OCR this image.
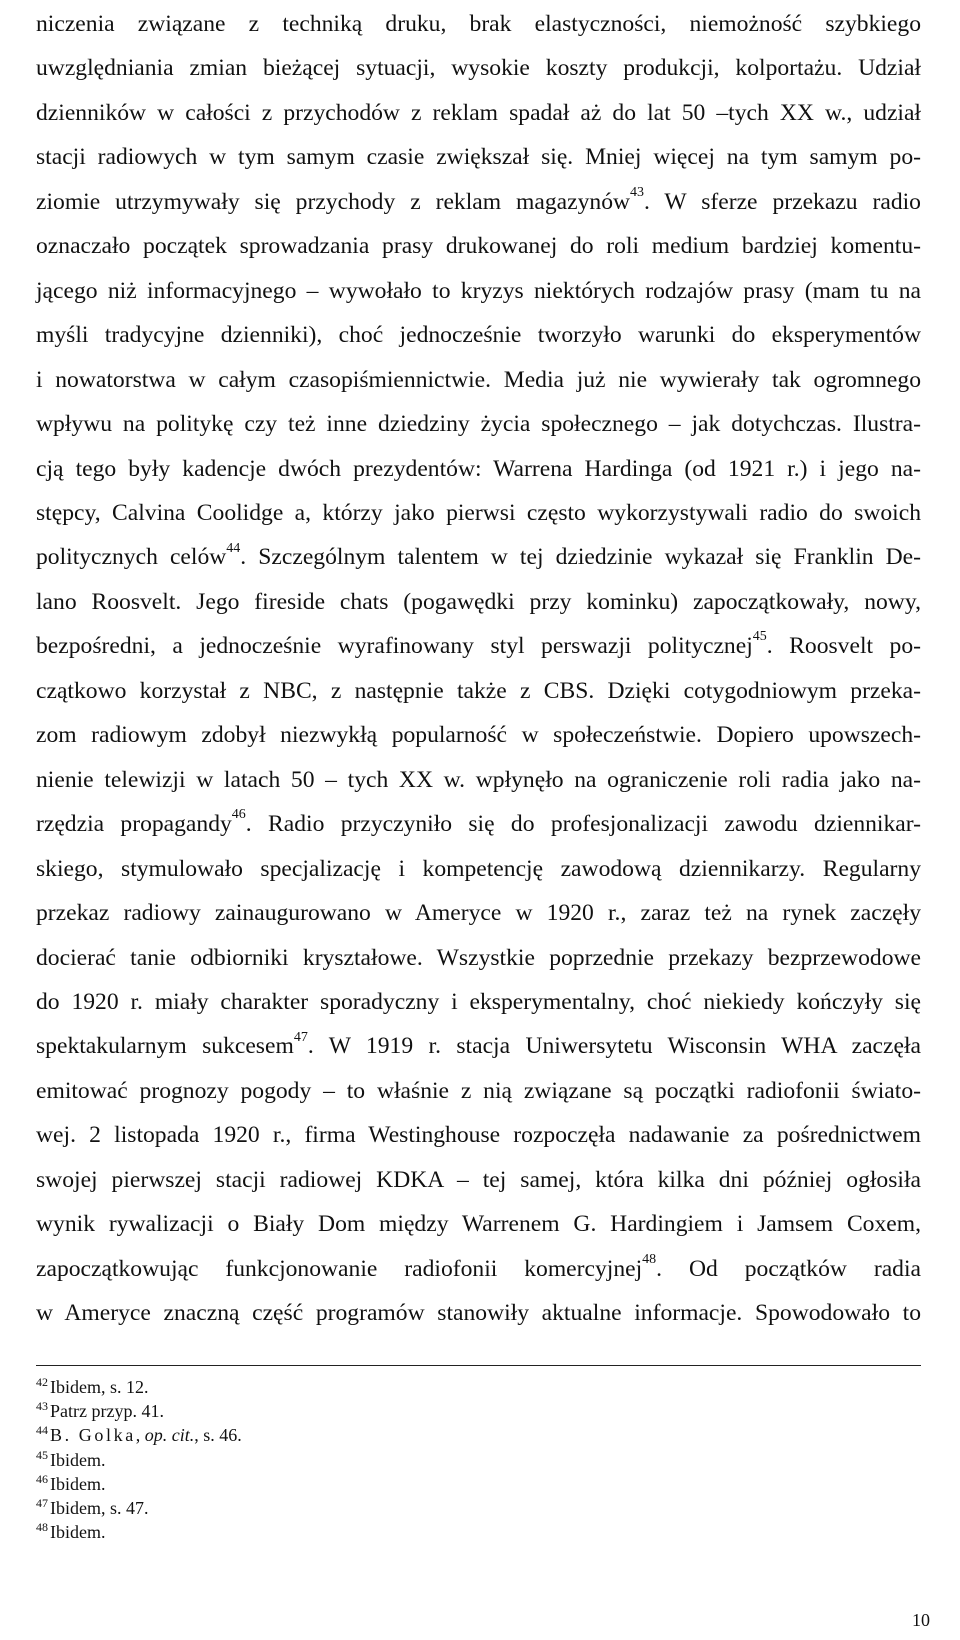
niczenia związane z techniką druku, brak elastyczności, niemożność szybkiego
uwzględniania zmian bieżącej sytuacji, wysokie koszty produkcji, kolportażu. Udział
dzienników w całości z przychodów z reklam spadał aż do lat 50 –tych XX w., udział
stacji radiowych w tym samym czasie zwiększał się. Mniej więcej na tym samym po-
ziomie utrzymywały się przychody z reklam magazynów$^{43}$. W sferze przekazu radio
oznaczało początek sprowadzania prasy drukowanej do roli medium bardziej komentu-
jącego niż informacyjnego – wywołało to kryzys niektórych rodzajów prasy (mam tu na
myśli tradycyjne dzienniki), choć jednocześnie tworzyło warunki do eksperymentów
i nowatorstwa w całym czasopiśmiennictwie. Media już nie wywierały tak ogromnego
wpływu na politykę czy też inne dziedziny życia społecznego – jak dotychczas. Ilustra-
cją tego były kadencje dwóch prezydentów: Warrena Hardinga (od 1921 r.) i jego na-
stępcy, Calvina Coolidge a, którzy jako pierwsi często wykorzystywali radio do swoich
politycznych celów$^{44}$. Szczególnym talentem w tej dziedzinie wykazał się Franklin De-
lano Roosvelt. Jego fireside chats (pogawędki przy kominku) zapoczątkowały, nowy,
bezpośredni, a jednocześnie wyrafinowany styl perswazji politycznej$^{45}$. Roosvelt po-
czątkowo korzystał z NBC, z następnie także z CBS. Dzięki cotygodniowym przeka-
zom radiowym zdobył niezwykłą popularność w społeczeństwie. Dopiero upowszech-
nienie telewizji w latach 50 – tych XX w. wpłynęło na ograniczenie roli radia jako na-
rzędzia propagandy$^{46}$. Radio przyczyniło się do profesjonalizacji zawodu dziennikar-
skiego, stymulowało specjalizację i kompetencję zawodową dziennikarzy. Regularny
przekaz radiowy zainaugurowano w Ameryce w 1920 r., zaraz też na rynek zaczęły
docierać tanie odbiorniki kryształowe. Wszystkie poprzednie przekazy bezprzewodowe
do 1920 r. miały charakter sporadyczny i eksperymentalny, choć niekiedy kończyły się
spektakularnym sukcesem$^{47}$. W 1919 r. stacja Uniwersytetu Wisconsin WHA zaczęła
emitować prognozy pogody – to właśnie z nią związane są początki radiofonii świato-
wej. 2 listopada 1920 r., firma Westinghouse rozpoczęła nadawanie za pośrednictwem
swojej pierwszej stacji radiowej KDKA – tej samej, która kilka dni później ogłosiła
wynik rywalizacji o Biały Dom między Warrenem G. Hardingiem i Jamsem Coxem,
zapoczątkowując funkcjonowanie radiofonii komercyjnej$^{48}$. Od początków radia
w Ameryce znaczną część programów stanowiły aktualne informacje. Spowodowało to
$^{42}$ Ibidem, s. 12.
$^{43}$ Patrz przyp. 41.
$^{44}$ B. Golka, op. cit., s. 46.
$^{45}$ Ibidem.
$^{46}$ Ibidem.
$^{47}$ Ibidem, s. 47.
$^{48}$ Ibidem.
10
